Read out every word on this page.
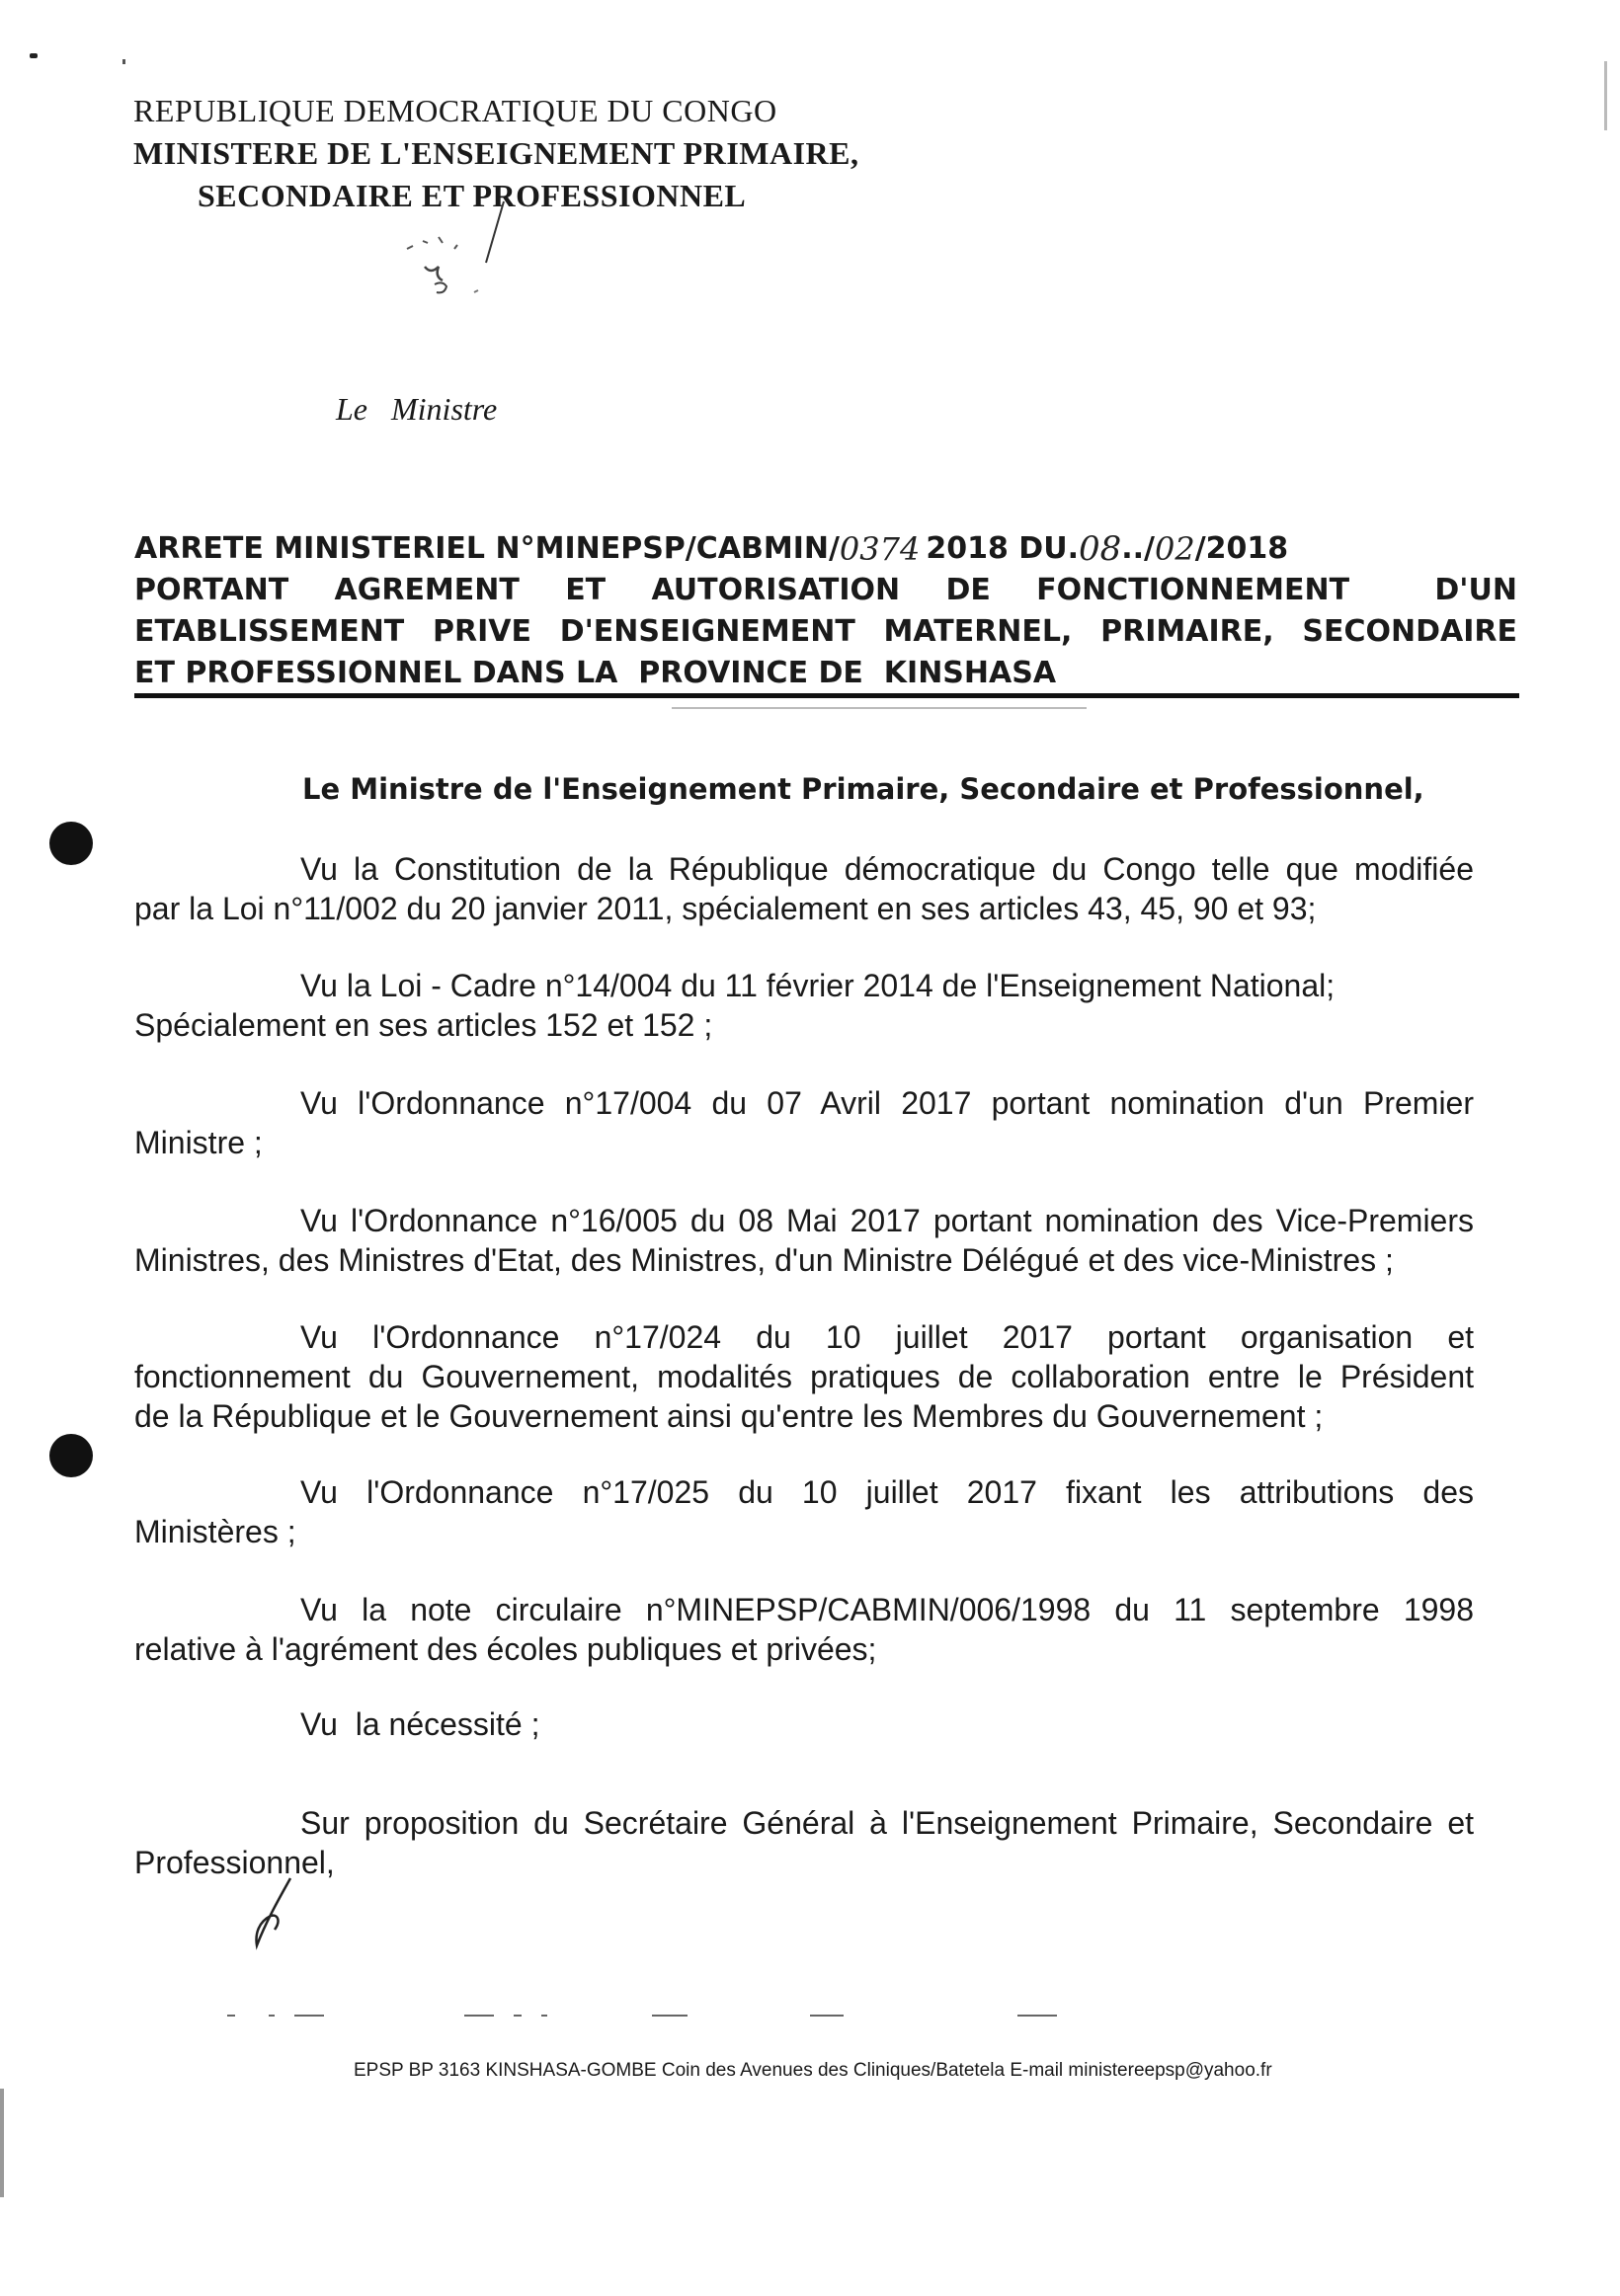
REPUBLIQUE DEMOCRATIQUE DU CONGO
MINISTERE DE L'ENSEIGNEMENT PRIMAIRE,
SECONDAIRE ET PROFESSIONNEL
Le   Ministre
ARRETE MINISTERIEL N°MINEPSP/CABMIN/ 0374 2018 DU. 08 .. / 02 /2018
PORTANT AGREMENT ET AUTORISATION DE FONCTIONNEMENT	D'UN
ETABLISSEMENT PRIVE D'ENSEIGNEMENT MATERNEL, PRIMAIRE, SECONDAIRE
ET PROFESSIONNEL DANS LA  PROVINCE DE  KINSHASA
Le Ministre de l'Enseignement Primaire, Secondaire et Professionnel,
Vu la Constitution de la République démocratique du Congo telle que modifiée
par la Loi n°11/002 du 20 janvier 2011, spécialement en ses articles 43, 45, 90 et 93;
Vu la Loi - Cadre n°14/004 du 11 février 2014 de l'Enseignement National;
Spécialement en ses articles 152 et 152 ;
Vu l'Ordonnance n°17/004 du 07 Avril 2017 portant nomination d'un Premier
Ministre ;
Vu l'Ordonnance n°16/005 du 08 Mai 2017 portant nomination des Vice-Premiers
Ministres, des Ministres d'Etat, des Ministres, d'un Ministre Délégué et des vice-Ministres ;
Vu l'Ordonnance n°17/024 du 10 juillet 2017 portant organisation et
fonctionnement du Gouvernement, modalités pratiques de collaboration entre le Président
de la République et le Gouvernement ainsi qu'entre les Membres du Gouvernement ;
Vu l'Ordonnance n°17/025 du 10 juillet 2017 fixant les attributions des
Ministères ;
Vu la note circulaire n°MINEPSP/CABMIN/006/1998 du 11 septembre 1998
relative à l'agrément des écoles publiques et privées;
Vu  la nécessité ;
Sur proposition du Secrétaire Général à l'Enseignement Primaire, Secondaire et
Professionnel,
EPSP BP 3163 KINSHASA-GOMBE Coin des Avenues des Cliniques/Batetela E-mail ministereepsp@yahoo.fr
